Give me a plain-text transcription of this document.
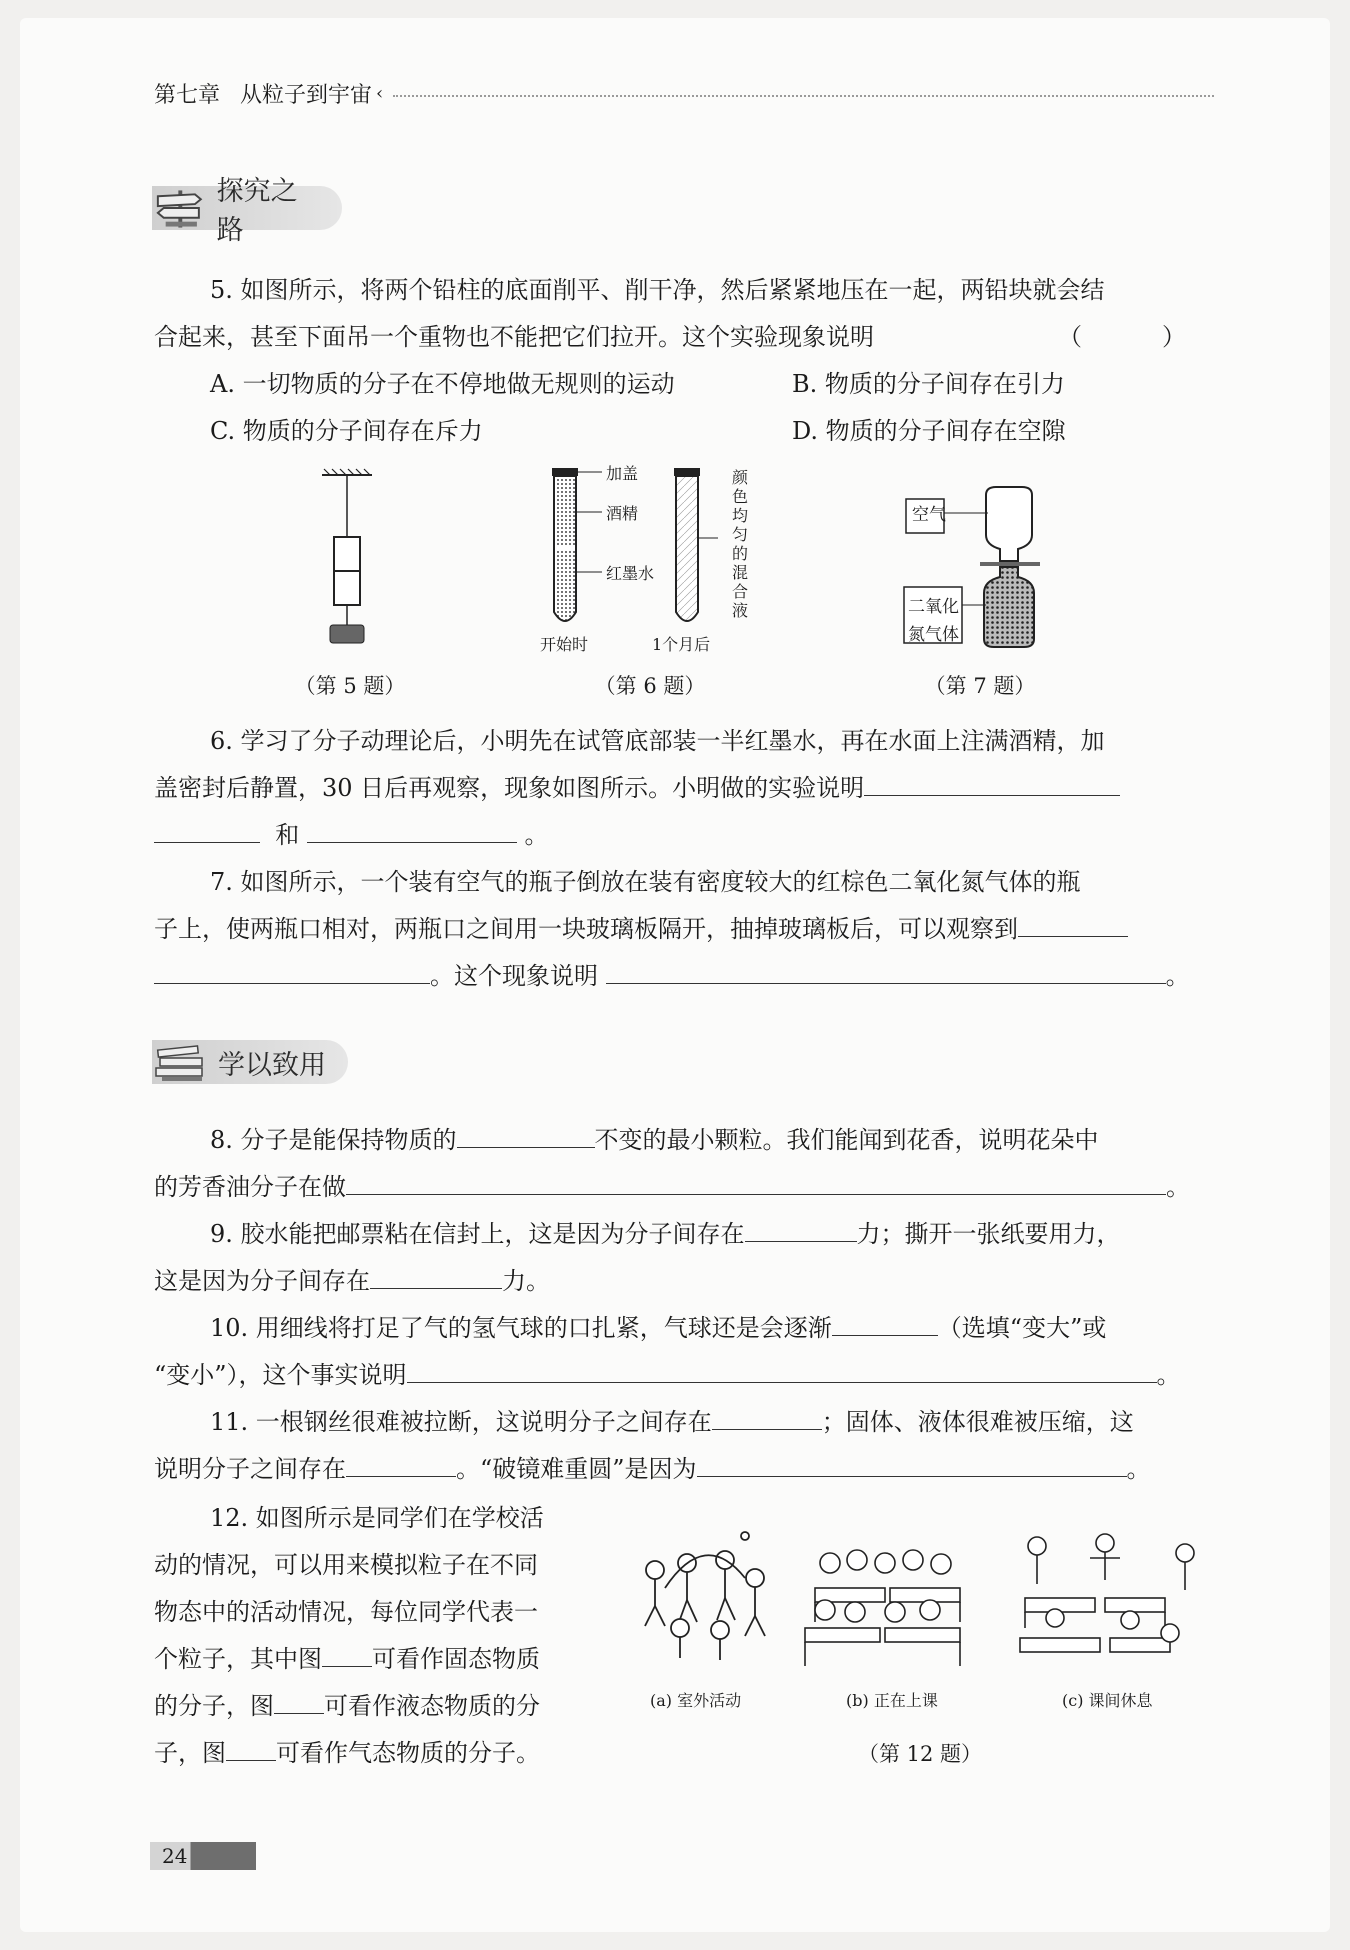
第七章 从粒子到宇宙 ‹
探究之路
5. 如图所示，将两个铅柱的底面削平、削干净，然后紧紧地压在一起，两铅块就会结
合起来，甚至下面吊一个重物也不能把它们拉开。这个实验现象说明	（　）
A. 一切物质的分子在不停地做无规则的运动	B. 物质的分子间存在引力
C. 物质的分子间存在斥力	D. 物质的分子间存在空隙
（第 5 题）
加盖
酒精
红墨水
颜色均匀的混合液
开始时	1个月后
（第 6 题）
空气
二氧化
氮气体
（第 7 题）
6. 学习了分子动理论后，小明先在试管底部装一半红墨水，再在水面上注满酒精，加
盖密封后静置，30 日后再观察，现象如图所示。小明做的实验说明
和	。
7. 如图所示，一个装有空气的瓶子倒放在装有密度较大的红棕色二氧化氮气体的瓶
子上，使两瓶口相对，两瓶口之间用一块玻璃板隔开，抽掉玻璃板后，可以观察到
。这个现象说明	。
学以致用
8. 分子是能保持物质的	不变的最小颗粒。我们能闻到花香，说明花朵中
的芳香油分子在做	。
9. 胶水能把邮票粘在信封上，这是因为分子间存在	力；撕开一张纸要用力，
这是因为分子间存在	力。
10. 用细线将打足了气的氢气球的口扎紧，气球还是会逐渐	（选填“变大”或
“变小”），这个事实说明	。
11. 一根钢丝很难被拉断，这说明分子之间存在	；固体、液体很难被压缩，这
说明分子之间存在	。“破镜难重圆”是因为	。
12. 如图所示是同学们在学校活
动的情况，可以用来模拟粒子在不同
物态中的活动情况，每位同学代表一
个粒子，其中图 可看作固态物质
的分子，图 可看作液态物质的分
子，图 可看作气态物质的分子。
(a) 室外活动	(b) 正在上课	(c) 课间休息
（第 12 题）
24
